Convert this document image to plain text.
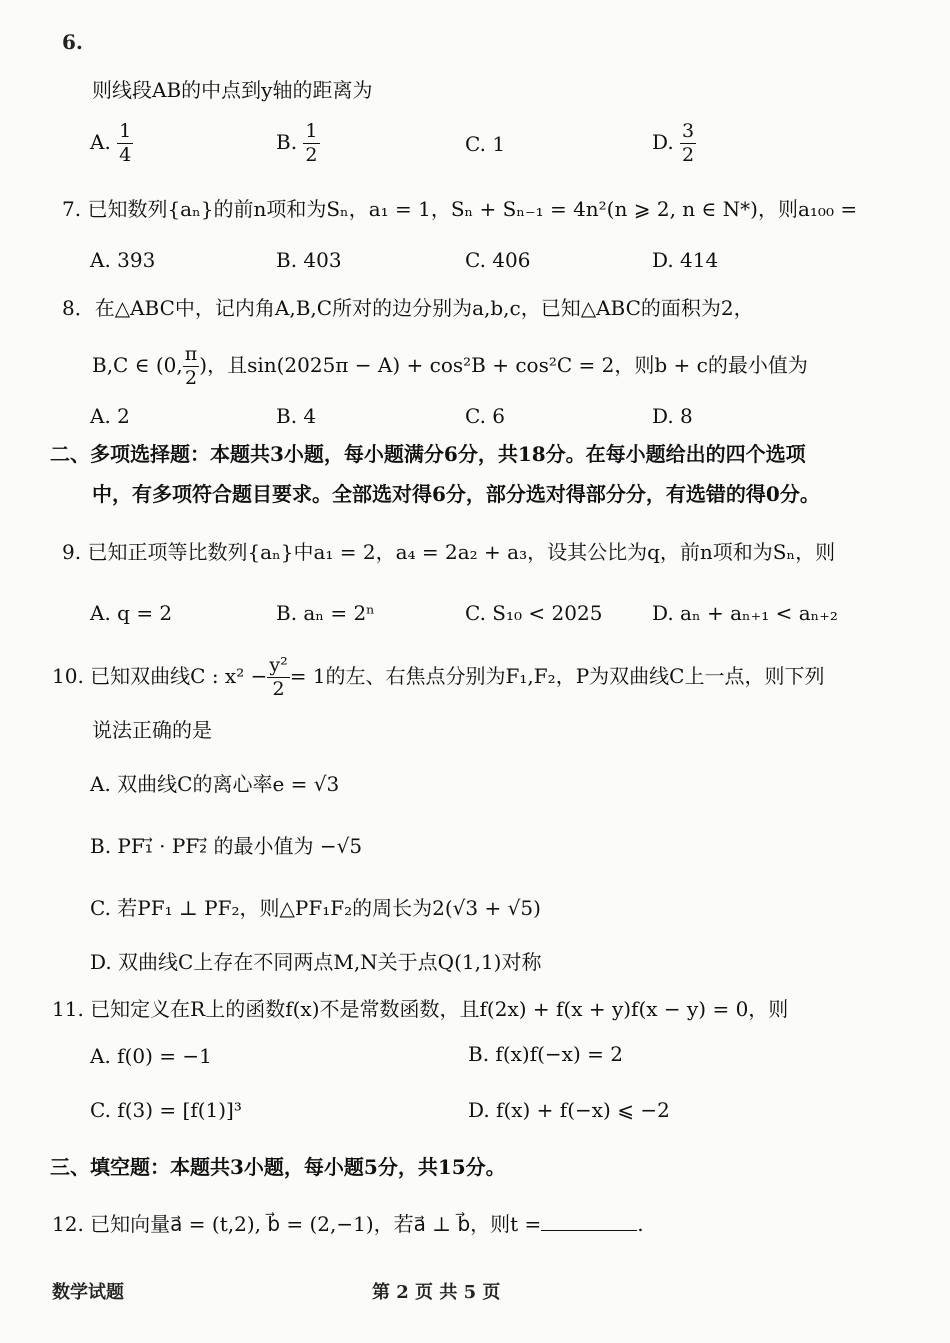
6.
则线段AB的中点到y轴的距离为
A. $\frac{1}{4}$	B. $\frac{1}{2}$	C. 1	D. $\frac{3}{2}$
7. 已知数列{aₙ}的前n项和为Sₙ，a₁ = 1，Sₙ + Sₙ₋₁ = 4n²(n ⩾ 2, n ∈ N*)，则a₁₀₀ =
A. 393	B. 403	C. 406	D. 414
8．在△ABC中，记内角A,B,C所对的边分别为a,b,c，已知△ABC的面积为2，
B,C ∈ (0, $\frac{\pi}{2}$ )，且sin(2025π − A) + cos²B + cos²C = 2，则b + c的最小值为
A. 2	B. 4	C. 6	D. 8
二、多项选择题：本题共3小题，每小题满分6分，共18分。在每小题给出的四个选项
中，有多项符合题目要求。全部选对得6分，部分选对得部分分，有选错的得0分。
9. 已知正项等比数列{aₙ}中a₁ = 2，a₄ = 2a₂ + a₃，设其公比为q，前n项和为Sₙ，则
A. q = 2	B. aₙ = 2ⁿ	C. S₁₀ < 2025 D. aₙ + aₙ₊₁ < aₙ₊₂
10. 已知双曲线C : $x^2 - \frac{\text{y²}}{2} = 1$的左、右焦点分别为F₁,F₂，P为双曲线C上一点，则下列
说法正确的是
A. 双曲线C的离心率e = √3
B. PF₁⃗ · PF₂⃗ 的最小值为 −√5
C. 若PF₁ ⊥ PF₂，则△PF₁F₂的周长为2(√3 + √5)
D. 双曲线C上存在不同两点M,N关于点Q(1,1)对称
11. 已知定义在R上的函数f(x)不是常数函数，且f(2x) + f(x + y)f(x − y) = 0，则
A. f(0) = −1	B. f(x)f(−x) = 2
C. f(3) = [f(1)]³	D. f(x) + f(−x) ⩽ −2
三、填空题：本题共3小题，每小题5分，共15分。
12. 已知向量a⃗ = (t,2), b⃗ = (2,−1)，若a⃗ ⊥ b⃗，则t =	.
数学试题	第 2 页 共 5 页
